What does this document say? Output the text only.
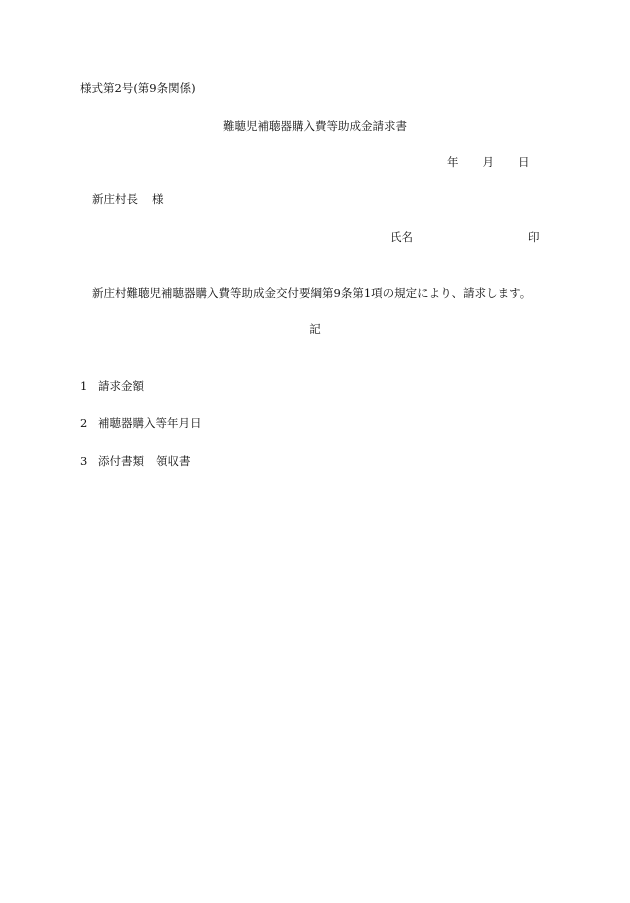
様式第2号(第9条関係)
難聴児補聴器購入費等助成金請求書
年 月 日
新庄村長 様
氏名	印
新庄村難聴児補聴器購入費等助成金交付要綱第9条第1項の規定により、請求します。
記
1 請求金額
2 補聴器購入等年月日
3 添付書類 領収書
